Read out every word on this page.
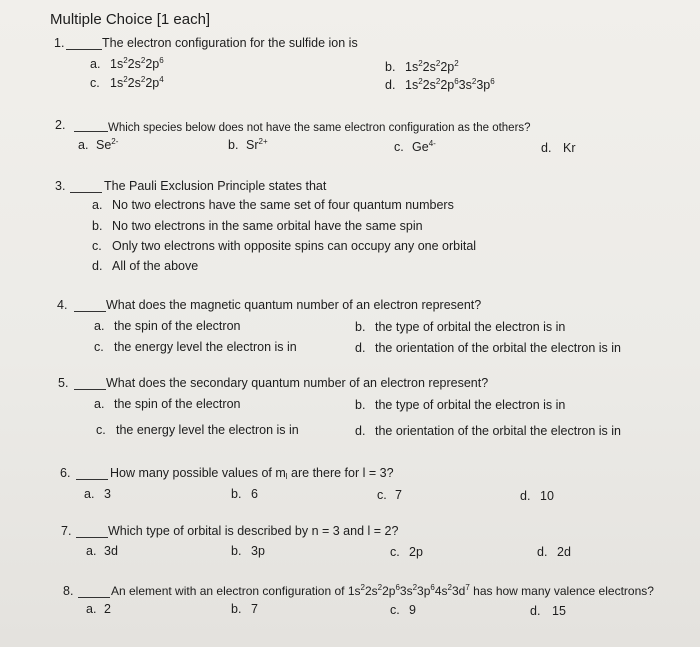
Multiple Choice [1 each]
1.	The electron configuration for the sulfide ion is
a. $1s^22s^22p^6$	b. $1s^22s^22p^2$
c. $1s^22s^22p^4$	d. $1s^22s^22p^63s^23p^6$
2.	Which species below does not have the same electron configuration as the others?
a. $Se^{2-}$	b. $Sr^{2+}$	c. $Ge^{4-}$	d. Kr
3.	The Pauli Exclusion Principle states that
a. No two electrons have the same set of four quantum numbers
b. No two electrons in the same orbital have the same spin
c. Only two electrons with opposite spins can occupy any one orbital
d. All of the above
4.	What does the magnetic quantum number of an electron represent?
a. the spin of the electron	b. the type of orbital the electron is in
c. the energy level the electron is in	d. the orientation of the orbital the electron is in
5.	What does the secondary quantum number of an electron represent?
a. the spin of the electron	b. the type of orbital the electron is in
c. the energy level the electron is in	d. the orientation of the orbital the electron is in
6.	How many possible values of $m_l$ are there for l = 3?
a. 3	b. 6	c. 7	d. 10
7.	Which type of orbital is described by n = 3 and l = 2?
a. 3d	b. 3p	c. 2p	d. 2d
8.	An element with an electron configuration of $1s^22s^22p^63s^23p^64s^23d^7$ has how many valence electrons?
a. 2	b. 7	c. 9	d. 15
